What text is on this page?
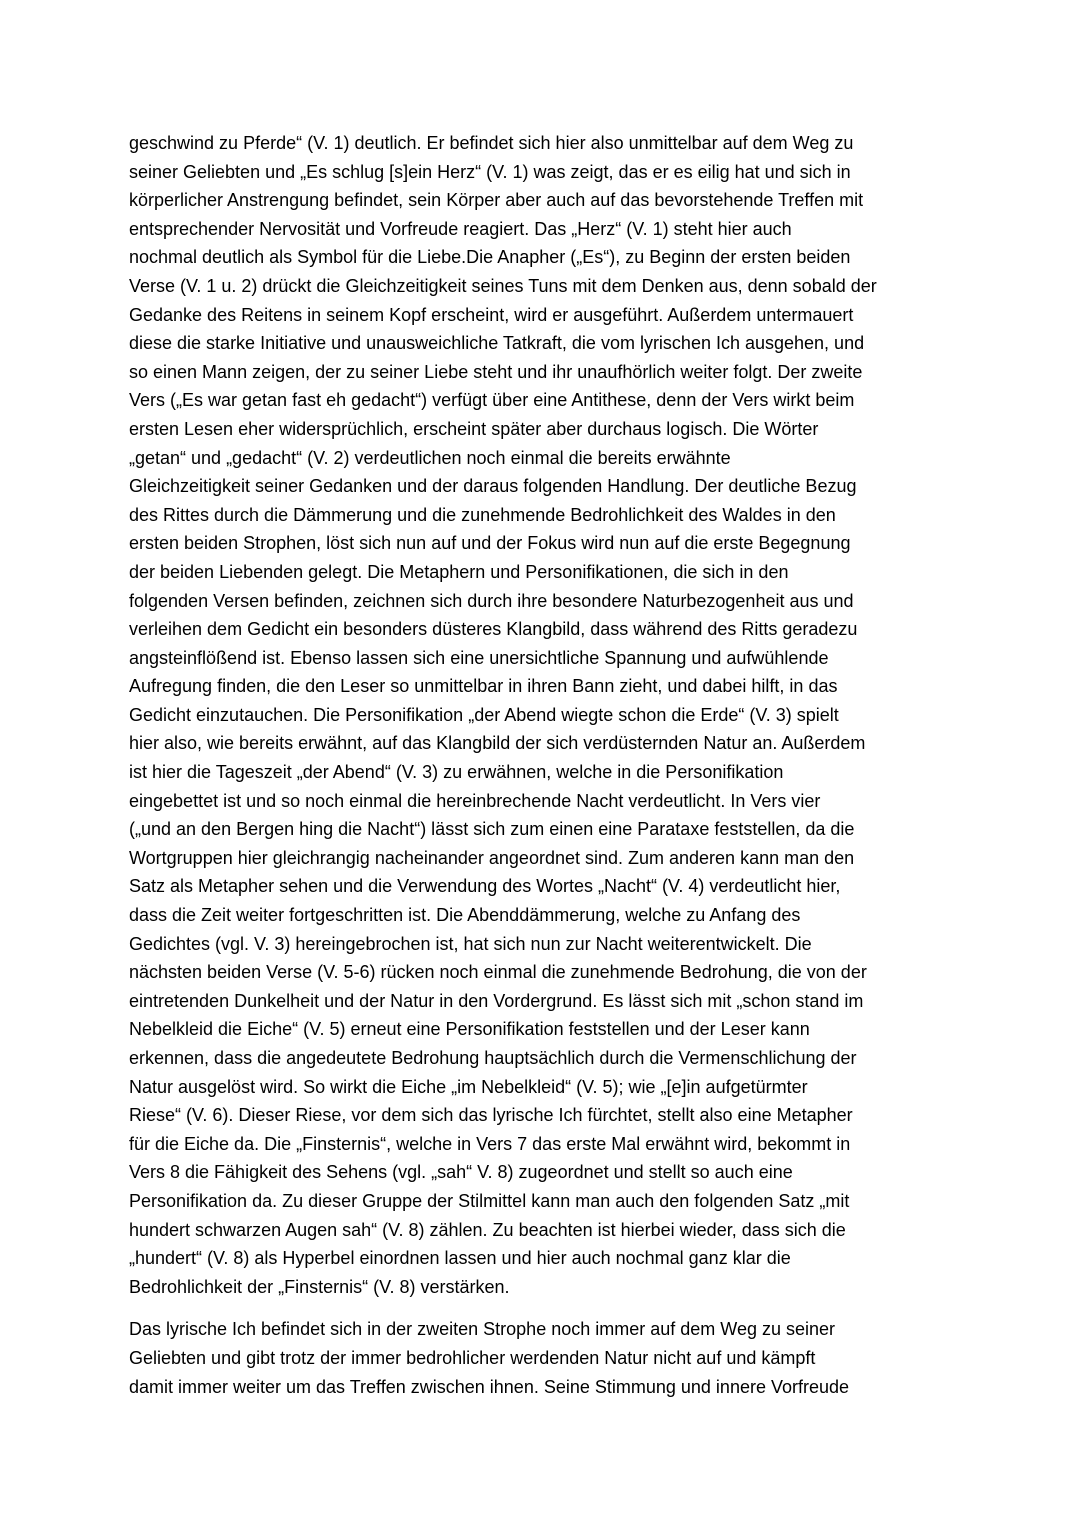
geschwind zu Pferde“ (V. 1) deutlich. Er befindet sich hier also unmittelbar auf dem Weg zu
seiner Geliebten und „Es schlug [s]ein Herz“ (V. 1) was zeigt, das er es eilig hat und sich in
körperlicher Anstrengung befindet, sein Körper aber auch auf das bevorstehende Treffen mit
entsprechender Nervosität und Vorfreude reagiert. Das „Herz“ (V. 1) steht hier auch
nochmal deutlich als Symbol für die Liebe.Die Anapher („Es“), zu Beginn der ersten beiden
Verse (V. 1 u. 2) drückt die Gleichzeitigkeit seines Tuns mit dem Denken aus, denn sobald der
Gedanke des Reitens in seinem Kopf erscheint, wird er ausgeführt. Außerdem untermauert
diese die starke Initiative und unausweichliche Tatkraft, die vom lyrischen Ich ausgehen, und
so einen Mann zeigen, der zu seiner Liebe steht und ihr unaufhörlich weiter folgt. Der zweite
Vers („Es war getan fast eh gedacht“) verfügt über eine Antithese, denn der Vers wirkt beim
ersten Lesen eher widersprüchlich, erscheint später aber durchaus logisch. Die Wörter
„getan“ und „gedacht“ (V. 2) verdeutlichen noch einmal die bereits erwähnte
Gleichzeitigkeit seiner Gedanken und der daraus folgenden Handlung. Der deutliche Bezug
des Rittes durch die Dämmerung und die zunehmende Bedrohlichkeit des Waldes in den
ersten beiden Strophen, löst sich nun auf und der Fokus wird nun auf die erste Begegnung
der beiden Liebenden gelegt. Die Metaphern und Personifikationen, die sich in den
folgenden Versen befinden, zeichnen sich durch ihre besondere Naturbezogenheit aus und
verleihen dem Gedicht ein besonders düsteres Klangbild, dass während des Ritts geradezu
angsteinflößend ist. Ebenso lassen sich eine unersichtliche Spannung und aufwühlende
Aufregung finden, die den Leser so unmittelbar in ihren Bann zieht, und dabei hilft, in das
Gedicht einzutauchen. Die Personifikation „der Abend wiegte schon die Erde“ (V. 3) spielt
hier also, wie bereits erwähnt, auf das Klangbild der sich verdüsternden Natur an. Außerdem
ist hier die Tageszeit „der Abend“ (V. 3) zu erwähnen, welche in die Personifikation
eingebettet ist und so noch einmal die hereinbrechende Nacht verdeutlicht. In Vers vier
(„und an den Bergen hing die Nacht“) lässt sich zum einen eine Parataxe feststellen, da die
Wortgruppen hier gleichrangig nacheinander angeordnet sind. Zum anderen kann man den
Satz als Metapher sehen und die Verwendung des Wortes „Nacht“ (V. 4) verdeutlicht hier,
dass die Zeit weiter fortgeschritten ist. Die Abenddämmerung, welche zu Anfang des
Gedichtes (vgl. V. 3) hereingebrochen ist, hat sich nun zur Nacht weiterentwickelt. Die
nächsten beiden Verse (V. 5-6) rücken noch einmal die zunehmende Bedrohung, die von der
eintretenden Dunkelheit und der Natur in den Vordergrund. Es lässt sich mit „schon stand im
Nebelkleid die Eiche“ (V. 5) erneut eine Personifikation feststellen und der Leser kann
erkennen, dass die angedeutete Bedrohung hauptsächlich durch die Vermenschlichung der
Natur ausgelöst wird. So wirkt die Eiche „im Nebelkleid“ (V. 5); wie „[e]in aufgetürmter
Riese“ (V. 6). Dieser Riese, vor dem sich das lyrische Ich fürchtet, stellt also eine Metapher
für die Eiche da. Die „Finsternis“, welche in Vers 7 das erste Mal erwähnt wird, bekommt in
Vers 8 die Fähigkeit des Sehens (vgl. „sah“ V. 8) zugeordnet und stellt so auch eine
Personifikation da. Zu dieser Gruppe der Stilmittel kann man auch den folgenden Satz „mit
hundert schwarzen Augen sah“ (V. 8) zählen. Zu beachten ist hierbei wieder, dass sich die
„hundert“ (V. 8) als Hyperbel einordnen lassen und hier auch nochmal ganz klar die
Bedrohlichkeit der „Finsternis“ (V. 8) verstärken.

Das lyrische Ich befindet sich in der zweiten Strophe noch immer auf dem Weg zu seiner
Geliebten und gibt trotz der immer bedrohlicher werdenden Natur nicht auf und kämpft
damit immer weiter um das Treffen zwischen ihnen. Seine Stimmung und innere Vorfreude
